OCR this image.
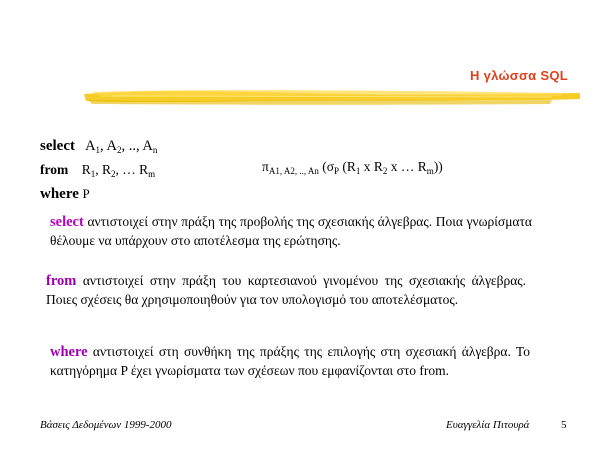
Η γλώσσα SQL
select $A_1$, $A_2$, .., $A_n$
from $R_1$, $R_2$, … $R_m$
where P
$\pi_{A1, A2, .., An}$ ($\sigma_P$ ($R_1$ x $R_2$ x … $R_m$))
select αντιστοιχεί στην πράξη της προβολής της σχεσιακής άλγεβρας. Ποια γνωρίσματα θέλουμε να υπάρχουν στο αποτέλεσμα της ερώτησης.
from αντιστοιχεί στην πράξη του καρτεσιανού γινομένου της σχεσιακής άλγεβρας. Ποιες σχέσεις θα χρησιμοποιηθούν για τον υπολογισμό του αποτελέσματος.
where αντιστοιχεί στη συνθήκη της πράξης της επιλογής στη σχεσιακή άλγεβρα. Το κατηγόρημα P έχει γνωρίσματα των σχέσεων που εμφανίζονται στο from.
Βάσεις Δεδομένων 1999-2000	Ευαγγελία Πιτουρά	5
